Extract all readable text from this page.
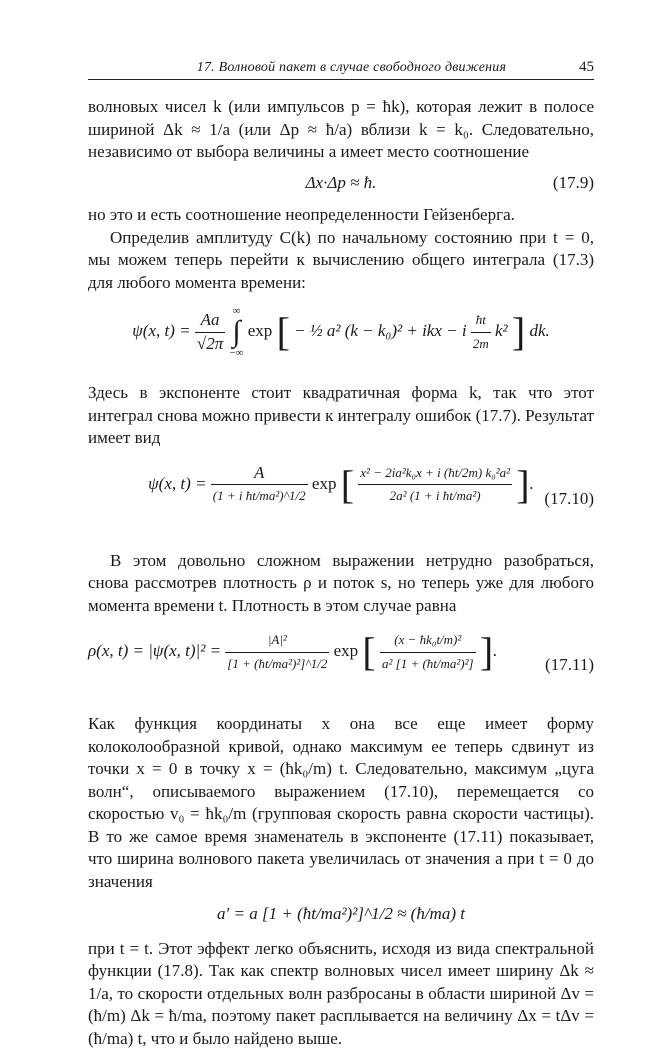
17. Волновой пакет в случае свободного движения	45

волновых чисел k (или импульсов p = ħk), которая лежит в полосе шириной Δk ≈ 1/a (или Δp ≈ ħ/a) вблизи k = k₀. Следовательно, независимо от выбора величины a имеет место соотношение

Δx·Δp ≈ ħ.	(17.9)

но это и есть соотношение неопределенности Гейзенберга.

Определив амплитуду C(k) по начальному состоянию при t = 0, мы можем теперь перейти к вычислению общего интеграла (17.3) для любого момента времени:

ψ(x, $t) = \frac{Aa}{√2\pi}$
∞
∫
−∞
exp [ − ½ a² (k − k₀)² + ikx − i $\frac{ħt}{2m} k^2$ ] dk.

Здесь в экспоненте стоит квадратичная форма k, так что этот интеграл снова можно привести к интегралу ошибок (17.7). Результат имеет вид

ψ(x, $t) = \frac{A}{\text{(1 + i ħt/ma²)\textasciicircum{}1/2}}$ exp [ $\frac{\text{x² − 2ia²k₀x + i (ħt/2m) k₀²a²}}{\text{2a² (1 + i ħt/ma²)}}$ ].
(17.10)

В этом довольно сложном выражении нетрудно разобраться, снова рассмотрев плотность ρ и поток s, но теперь уже для любого момента времени t. Плотность в этом случае равна

ρ(x, t) = |ψ(x, $t)|^2 = \frac{\text{|A|²}}{\text{[1 + (ħt/ma²)²]\textasciicircum{}1/2}}$ exp [ $\frac{\text{(x − ħk₀t/m)²}}{\text{a² [1 + (ħt/ma²)²]}}$ ].
(17.11)

Как функция координаты x она все еще имеет форму колоколообразной кривой, однако максимум ее теперь сдвинут из точки x = 0 в точку x = (ħk₀/m) t. Следовательно, максимум „цуга волн“, описываемого выражением (17.10), перемещается со скоростью v₀ = ħk₀/m (групповая скорость равна скорости частицы). В то же самое время знаменатель в экспоненте (17.11) показывает, что ширина волнового пакета увеличилась от значения a при t = 0 до значения

a′ = a [1 + (ħt/ma²)²]^1/2 ≈ (ħ/ma) t

при t = t. Этот эффект легко объяснить, исходя из вида спектральной функции (17.8). Так как спектр волновых чисел имеет ширину Δk ≈ 1/a, то скорости отдельных волн разбросаны в области шириной Δv = (ħ/m) Δk = ħ/ma, поэтому пакет расплывается на величину Δx = tΔv = (ħ/ma) t, что и было найдено выше.
